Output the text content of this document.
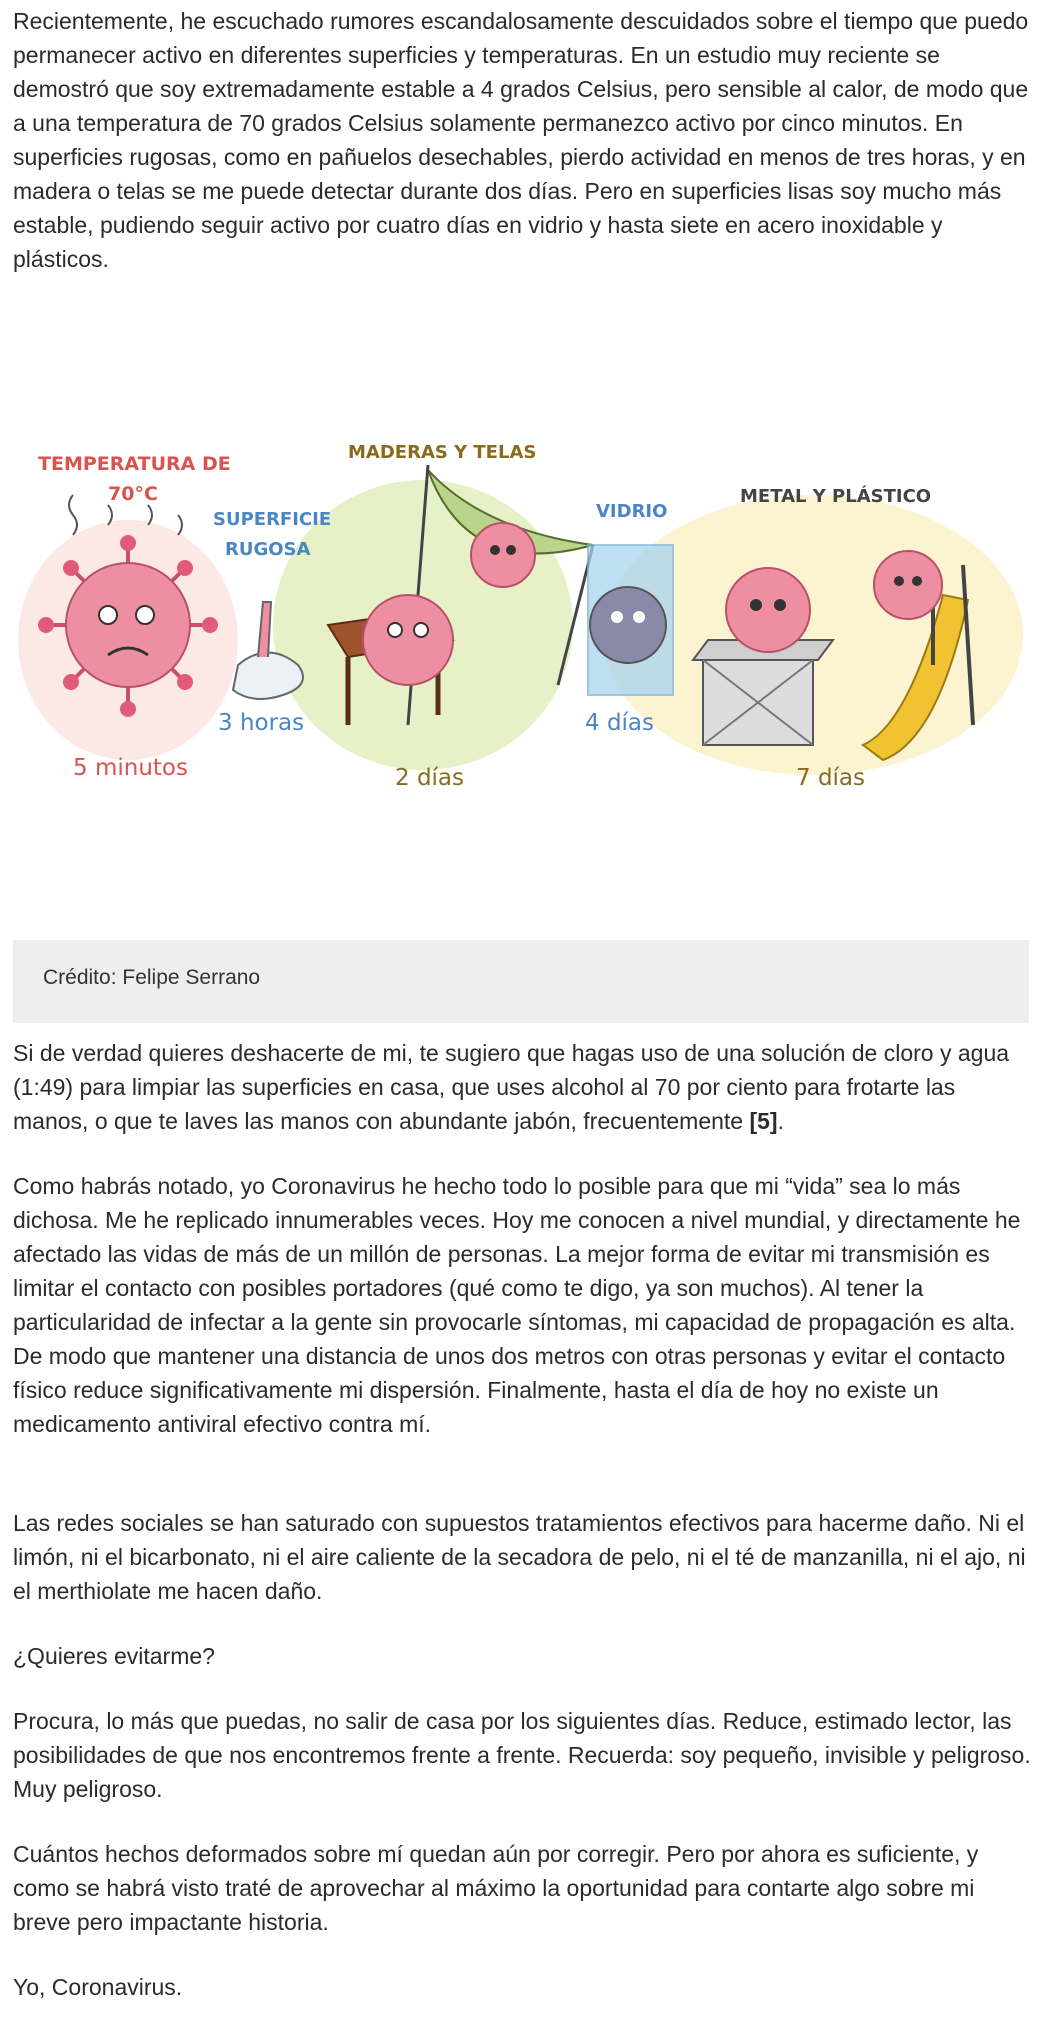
Recientemente, he escuchado rumores escandalosamente descuidados sobre el tiempo que puedo permanecer activo en diferentes superficies y temperaturas. En un estudio muy reciente se demostró que soy extremadamente estable a 4 grados Celsius, pero sensible al calor, de modo que a una temperatura de 70 grados Celsius solamente permanezco activo por cinco minutos. En superficies rugosas, como en pañuelos desechables, pierdo actividad en menos de tres horas, y en madera o telas se me puede detectar durante dos días. Pero en superficies lisas soy mucho más estable, pudiendo seguir activo por cuatro días en vidrio y hasta siete en acero inoxidable y plásticos.

TEMPERATURA DE
70°C
5 minutos
SUPERFICIE
RUGOSA
3 horas
MADERAS Y TELAS
2 días
VIDRIO
4 días
METAL Y PLÁSTICO
7 días
Crédito: Felipe Serrano

Si de verdad quieres deshacerte de mi, te sugiero que hagas uso de una solución de cloro y agua (1:49) para limpiar las superficies en casa, que uses alcohol al 70 por ciento para frotarte las manos, o que te laves las manos con abundante jabón, frecuentemente [5].

Como habrás notado, yo Coronavirus he hecho todo lo posible para que mi “vida” sea lo más dichosa. Me he replicado innumerables veces. Hoy me conocen a nivel mundial, y directamente he afectado las vidas de más de un millón de personas. La mejor forma de evitar mi transmisión es limitar el contacto con posibles portadores (qué como te digo, ya son muchos). Al tener la particularidad de infectar a la gente sin provocarle síntomas, mi capacidad de propagación es alta. De modo que mantener una distancia de unos dos metros con otras personas y evitar el contacto físico reduce significativamente mi dispersión. Finalmente, hasta el día de hoy no existe un medicamento antiviral efectivo contra mí.

Las redes sociales se han saturado con supuestos tratamientos efectivos para hacerme daño. Ni el limón, ni el bicarbonato, ni el aire caliente de la secadora de pelo, ni el té de manzanilla, ni el ajo, ni el merthiolate me hacen daño.

¿Quieres evitarme?

Procura, lo más que puedas, no salir de casa por los siguientes días. Reduce, estimado lector, las posibilidades de que nos encontremos frente a frente. Recuerda: soy pequeño, invisible y peligroso. Muy peligroso.

Cuántos hechos deformados sobre mí quedan aún por corregir. Pero por ahora es suficiente, y como se habrá visto traté de aprovechar al máximo la oportunidad para contarte algo sobre mi breve pero impactante historia.

Yo, Coronavirus.
